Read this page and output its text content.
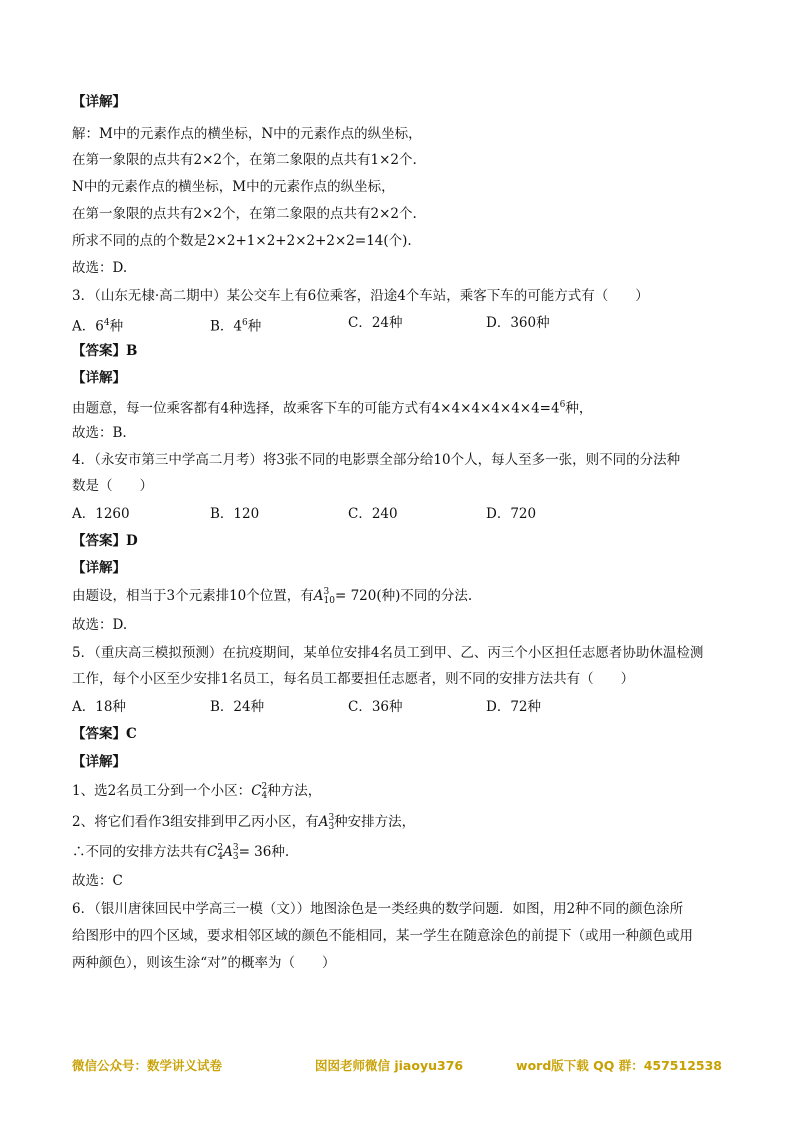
【详解】
解：M中的元素作点的横坐标，N中的元素作点的纵坐标，
在第一象限的点共有2×2个，在第二象限的点共有1×2个.
N中的元素作点的横坐标，M中的元素作点的纵坐标，
在第一象限的点共有2×2个，在第二象限的点共有2×2个.
所求不同的点的个数是2×2+1×2+2×2+2×2=14(个).
故选：D.
3．（山东无棣·高二期中）某公交车上有6位乘客，沿途4个车站，乘客下车的可能方式有（　　）
A．$6^4$种	B．$4^6$种	C．24种	D．360种
【答案】B
【详解】
由题意，每一位乘客都有4种选择，故乘客下车的可能方式有$4\times 4\times 4\times 4\times 4\times 4=4^6$种，
故选：B.
4．（永安市第三中学高二月考）将3张不同的电影票全部分给10个人，每人至多一张，则不同的分法种
数是（　　）
A．1260	B．120	C．240	D．720
【答案】D
【详解】
由题设，相当于3个元素排10个位置，有A 3
10 = 720(种)不同的分法.
故选：D.
5．（重庆高三模拟预测）在抗疫期间，某单位安排4名员工到甲、乙、丙三个小区担任志愿者协助休温检测
工作，每个小区至少安排1名员工，每名员工都要担任志愿者，则不同的安排方法共有（　　）
A．18种	B．24种	C．36种	D．72种
【答案】C
【详解】
1、选2名员工分到一个小区：C 2
4 种方法，
2、将它们看作3组安排到甲乙丙小区，有A 3
3 种安排方法，
∴不同的安排方法共有C 2
4 A 3
3 = 36种.
故选：C
6．（银川唐徕回民中学高三一模（文））地图涂色是一类经典的数学问题．如图，用2种不同的颜色涂所
给图形中的四个区域，要求相邻区域的颜色不能相同，某一学生在随意涂色的前提下（或用一种颜色或用
两种颜色），则该生涂“对”的概率为（　　）
微信公众号：数学讲义试卷	囡囡老师微信 jiaoyu376	word版下载 QQ 群：457512538
